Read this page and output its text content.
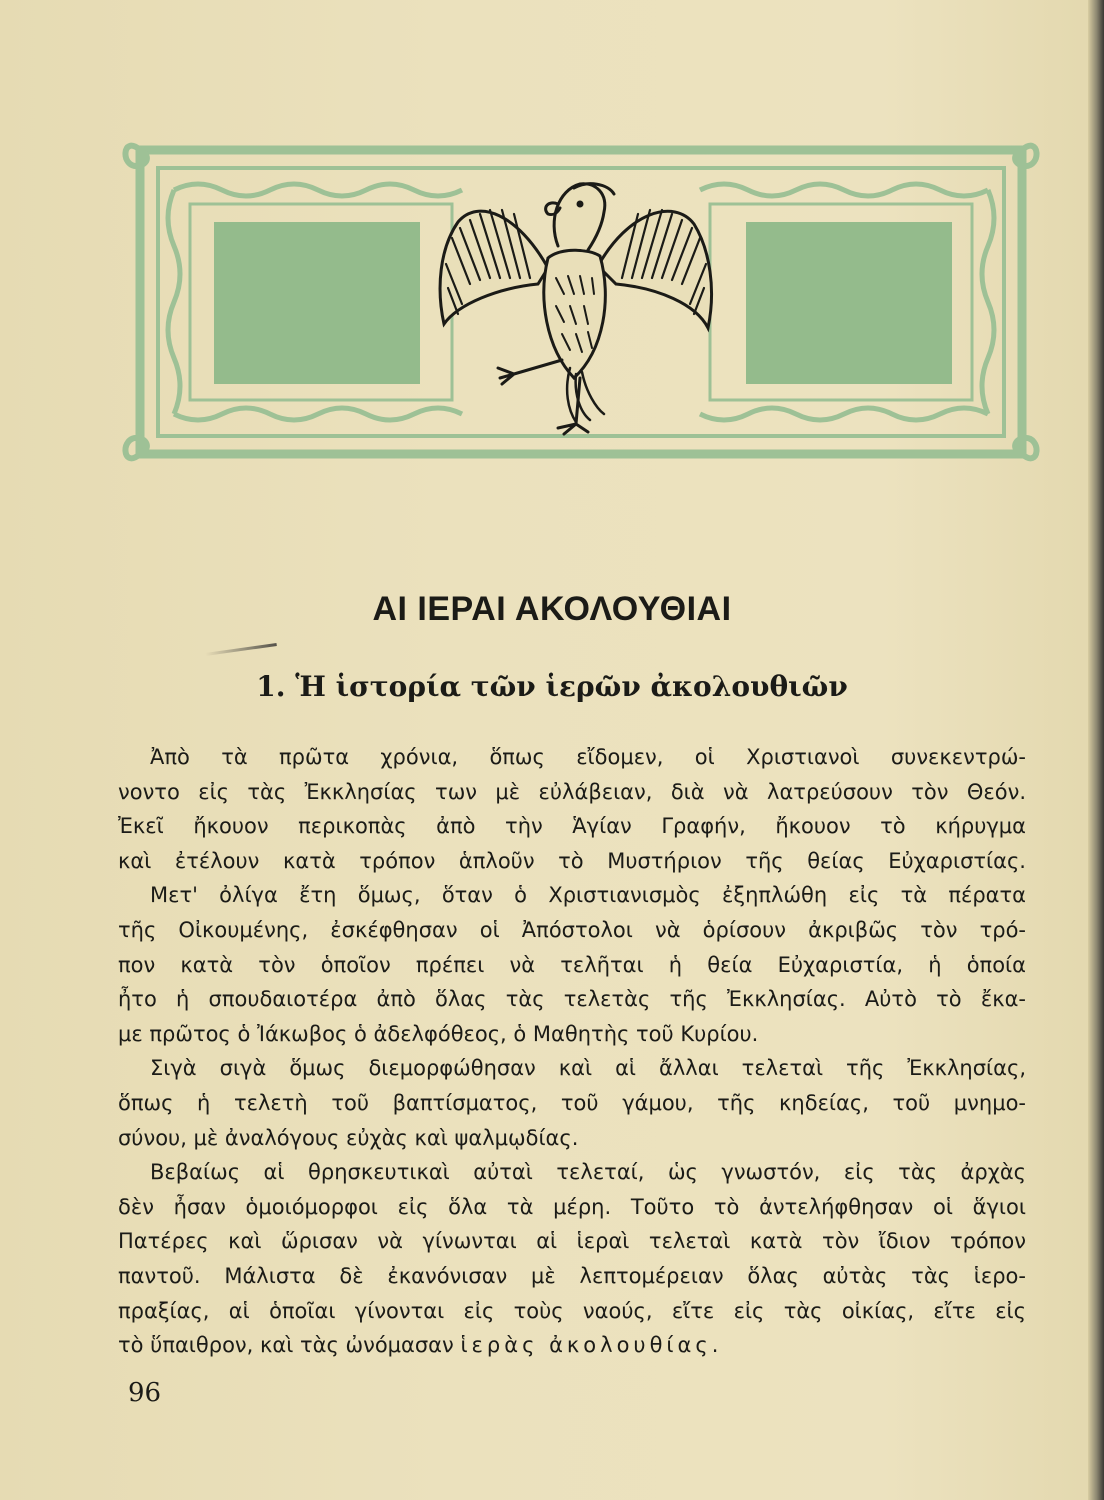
ΑΙ ΙΕΡΑΙ ΑΚΟΛΟΥΘΙΑΙ
1. Ἡ ἱστορία τῶν ἱερῶν ἀκολουθιῶν
Ἀπὸ τὰ πρῶτα χρόνια, ὅπως εἴδομεν, οἱ Χριστιανοὶ συνεκεντρώ-
νοντο εἰς τὰς Ἐκκλησίας των μὲ εὐλάβειαν, διὰ νὰ λατρεύσουν τὸν Θεόν.
Ἐκεῖ ἤκουον περικοπὰς ἀπὸ τὴν Ἁγίαν Γραφήν, ἤκουον τὸ κήρυγμα
καὶ ἐτέλουν κατὰ τρόπον ἁπλοῦν τὸ Μυστήριον τῆς θείας Εὐχαριστίας.
Μετ' ὀλίγα ἔτη ὅμως, ὅταν ὁ Χριστιανισμὸς ἐξηπλώθη εἰς τὰ πέρατα
τῆς Οἰκουμένης, ἐσκέφθησαν οἱ Ἀπόστολοι νὰ ὁρίσουν ἀκριβῶς τὸν τρό-
πον κατὰ τὸν ὁποῖον πρέπει νὰ τελῆται ἡ θεία Εὐχαριστία, ἡ ὁποία
ἦτο ἡ σπουδαιοτέρα ἀπὸ ὅλας τὰς τελετὰς τῆς Ἐκκλησίας. Αὐτὸ τὸ ἔκα-
με πρῶτος ὁ Ἰάκωβος ὁ ἀδελφόθεος, ὁ Μαθητὴς τοῦ Κυρίου.
Σιγὰ σιγὰ ὅμως διεμορφώθησαν καὶ αἱ ἄλλαι τελεταὶ τῆς Ἐκκλησίας,
ὅπως ἡ τελετὴ τοῦ βαπτίσματος, τοῦ γάμου, τῆς κηδείας, τοῦ μνημο-
σύνου, μὲ ἀναλόγους εὐχὰς καὶ ψαλμῳδίας.
Βεβαίως αἱ θρησκευτικαὶ αὐταὶ τελεταί, ὡς γνωστόν, εἰς τὰς ἀρχὰς
δὲν ἦσαν ὁμοιόμορφοι εἰς ὅλα τὰ μέρη. Τοῦτο τὸ ἀντελήφθησαν οἱ ἅγιοι
Πατέρες καὶ ὥρισαν νὰ γίνωνται αἱ ἱεραὶ τελεταὶ κατὰ τὸν ἴδιον τρόπον
παντοῦ. Μάλιστα δὲ ἐκανόνισαν μὲ λεπτομέρειαν ὅλας αὐτὰς τὰς ἱερο-
πραξίας, αἱ ὁποῖαι γίνονται εἰς τοὺς ναούς, εἴτε εἰς τὰς οἰκίας, εἴτε εἰς
τὸ ὕπαιθρον, καὶ τὰς ὠνόμασαν ἱερὰς ἀκολουθίας.
96
